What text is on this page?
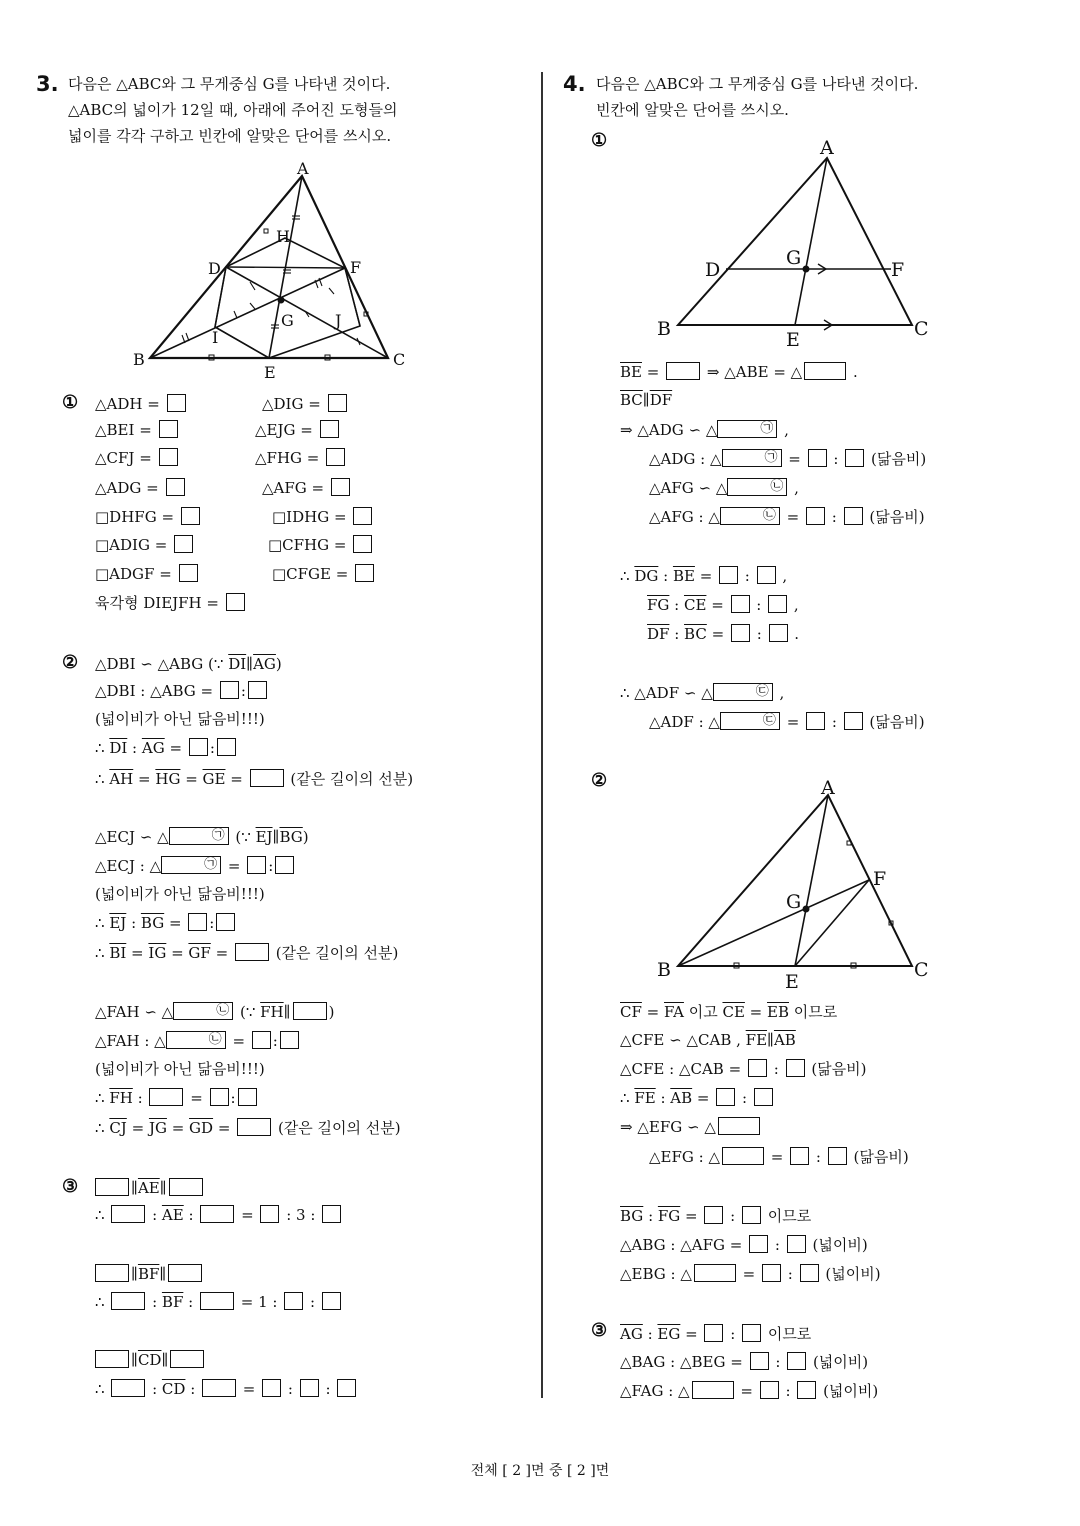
3. 다음은 △ABC와 그 무게중심 G를 나타낸 것이다.
△ABC의 넓이가 12일 때, 아래에 주어진 도형들의
넓이를 각각 구하고 빈칸에 알맞은 단어를 쓰시오.
A
B	C
D
E
F
G
H
I
J
① △ADH =	△DIG =
△BEI =	△EJG =
△CFJ =	△FHG =
△ADG =	△AFG =
□DHFG =	□IDHG =
□ADIG =	□CFHG =
□ADGF =	□CFGE =
육각형 DIEJFH =
② △DBI ∽ △ABG (∵ $\overline{DI}\parallel\overline{AG}$)
△DBI : △ABG = :
(넓이비가 아닌 닮음비!!!)
∴ $\overline{DI}$ : $\overline{AG}$ = :
∴ $\overline{AH} = \overline{HG} = \overline{GE}$ =	(같은 길이의 선분)
△ECJ ∽ △	㉠ (∵ $\overline{EJ}\parallel\overline{BG}$)
△ECJ : △	㉠ = :
(넓이비가 아닌 닮음비!!!)
∴ $\overline{EJ}$ : $\overline{BG}$ = :
∴ $\overline{BI} = \overline{IG} = \overline{GF}$ =	(같은 길이의 선분)
△FAH ∽ △	㉡ (∵ $\overline{FH}\parallel$	)
△FAH : △	㉡ = :
(넓이비가 아닌 닮음비!!!)
∴ $\overline{FH}$ :	= :
∴ $\overline{CJ} = \overline{JG} = \overline{GD}$ =	(같은 길이의 선분)
③	$\parallel\overline{AE}\parallel$
∴	: $\overline{AE}$ :	=  : 3 :
$\parallel\overline{BF}\parallel$
∴	: $\overline{BF}$ :	= 1 :  :
$\parallel\overline{CD}\parallel$
∴	: $\overline{CD}$ :	=  :  :
4. 다음은 △ABC와 그 무게중심 G를 나타낸 것이다.
빈칸에 알맞은 단어를 쓰시오.
①	A
B	C
D
E
F
G
$\overline{BE}$ =	⇒ △ABE = △	.
$\overline{BC}\parallel\overline{DF}$
⇒ △ADG ∽ △	㉠ ,
△ADG : △	㉠ =  :  (닮음비)
△AFG ∽ △	㉡ ,
△AFG : △	㉡ =  :  (닮음비)
∴ $\overline{DG}$ : $\overline{BE}$ =  :  ,
$\overline{FG}$ : $\overline{CE}$ =  :  ,
$\overline{DF}$ : $\overline{BC}$ =  :  .
∴ △ADF ∽ △	㉢ ,
△ADF : △	㉢ =  :  (닮음비)
②	A
B	C
E
F
G
$\overline{CF} = \overline{FA}$ 이고 $\overline{CE} = \overline{EB}$ 이므로
△CFE ∽ △CAB , $\overline{FE}\parallel\overline{AB}$
△CFE : △CAB =  :  (닮음비)
∴ $\overline{FE}$ : $\overline{AB}$ =  :
⇒ △EFG ∽ △
△EFG : △	=  :  (닮음비)
$\overline{BG}$ : $\overline{FG}$ =  :  이므로
△ABG : △AFG =  :  (넓이비)
△EBG : △	=  :  (넓이비)
③ $\overline{AG}$ : $\overline{EG}$ =  :  이므로
△BAG : △BEG =  :  (넓이비)
△FAG : △	=  :  (넓이비)
전체 [ 2 ]면 중 [ 2 ]면
